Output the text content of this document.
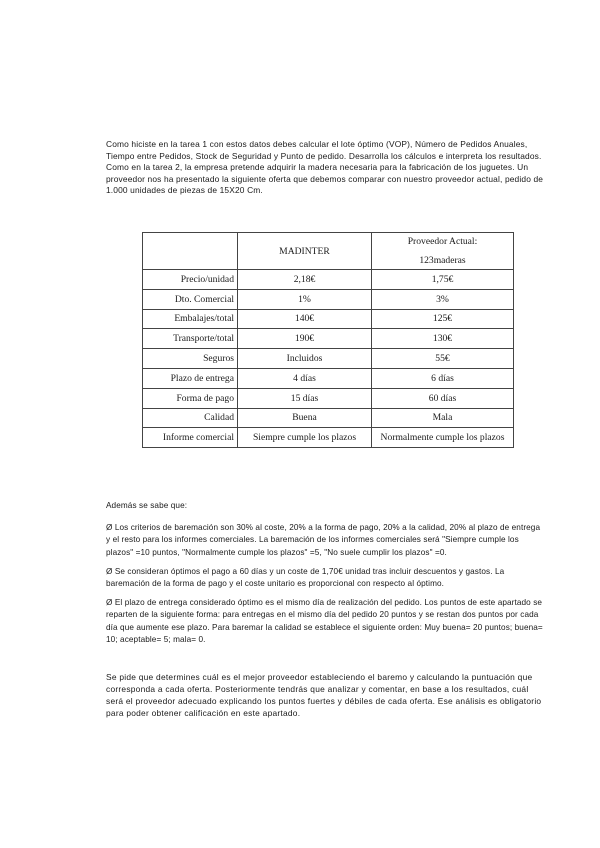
Como hiciste en la tarea 1 con estos datos debes calcular el lote óptimo (VOP), Número de Pedidos Anuales, Tiempo entre Pedidos, Stock de Seguridad y Punto de pedido. Desarrolla los cálculos e interpreta los resultados.

Como en la tarea 2, la empresa pretende adquirir la madera necesaria para la fabricación de los juguetes. Un proveedor nos ha presentado la siguiente oferta que debemos comparar con nuestro proveedor actual, pedido de 1.000 unidades de piezas de 15X20 Cm.

	MADINTER	Proveedor Actual:
123maderas

Precio/unidad	2,18€	1,75€
Dto. Comercial	1%	3%
Embalajes/total	140€	125€
Transporte/total	190€	130€
Seguros	Incluidos	55€
Plazo de entrega	4 días	6 días
Forma de pago	15 días	60 días
Calidad	Buena	Mala
Informe comercial	Siempre cumple los plazos	Normalmente cumple los plazos

Además se sabe que:

Ø Los criterios de baremación son 30% al coste, 20% a la forma de pago, 20% a la calidad, 20% al plazo de entrega y el resto para los informes comerciales. La baremación de los informes comerciales será "Siempre cumple los plazos" =10 puntos, "Normalmente cumple los plazos" =5, "No suele cumplir los plazos" =0.

Ø Se consideran óptimos el pago a 60 días y un coste de 1,70€ unidad tras incluir descuentos y gastos. La baremación de la forma de pago y el coste unitario es proporcional con respecto al óptimo.

Ø El plazo de entrega considerado óptimo es el mismo día de realización del pedido. Los puntos de este apartado se reparten de la siguiente forma: para entregas en el mismo día del pedido 20 puntos y se restan dos puntos por cada día que aumente ese plazo. Para baremar la calidad se establece el siguiente orden: Muy buena= 20 puntos; buena= 10; aceptable= 5; mala= 0.

Se pide que determines cuál es el mejor proveedor estableciendo el baremo y calculando la puntuación que corresponda a cada oferta. Posteriormente tendrás que analizar y comentar, en base a los resultados, cuál será el proveedor adecuado explicando los puntos fuertes y débiles de cada oferta. Ese análisis es obligatorio para poder obtener calificación en este apartado.
